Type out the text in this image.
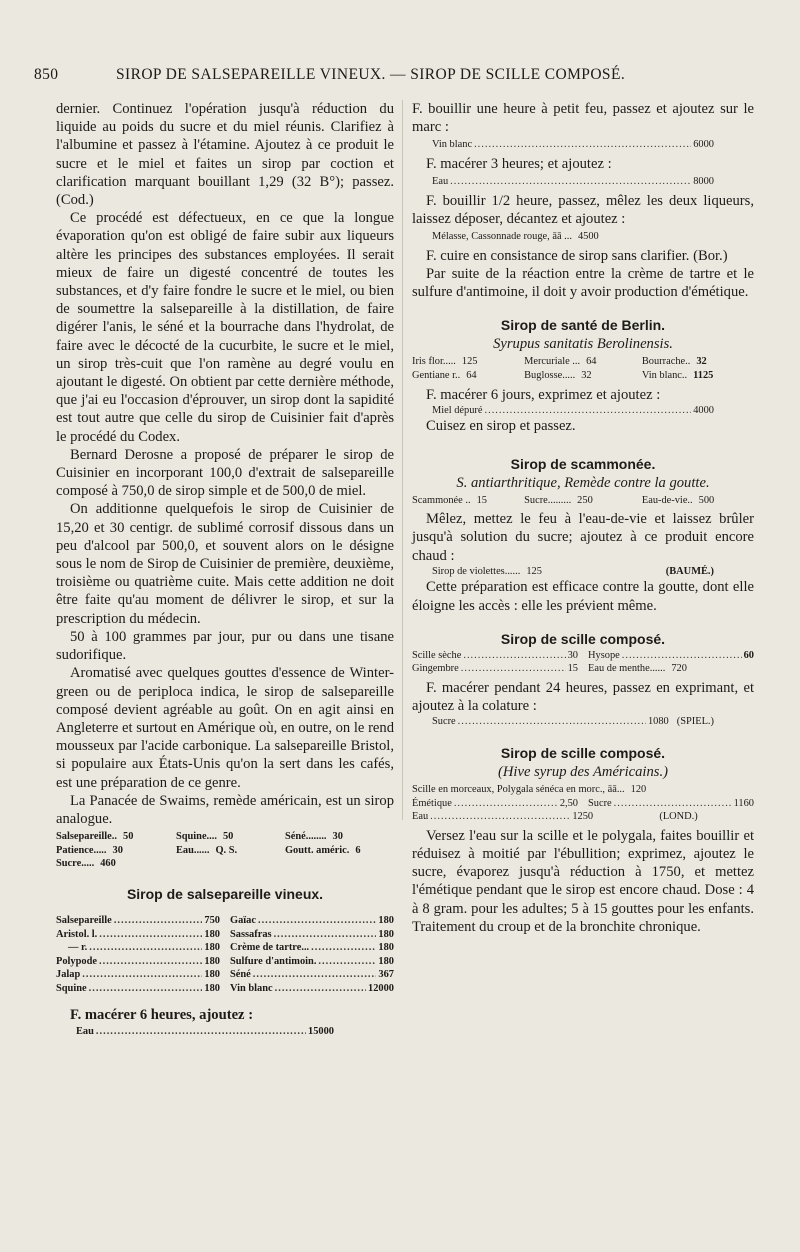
850	SIROP DE SALSEPAREILLE VINEUX. — SIROP DE SCILLE COMPOSÉ.

dernier. Continuez l'opération jusqu'à réduction du liquide au poids du sucre et du miel réunis. Clarifiez à l'albumine et passez à l'étamine. Ajoutez à ce produit le sucre et le miel et faites un sirop par coction et clarification marquant bouillant 1,29 (32 B°); passez. (Cod.)

Ce procédé est défectueux, en ce que la longue évaporation qu'on est obligé de faire subir aux liqueurs altère les principes des substances employées. Il serait mieux de faire un digesté concentré de toutes les substances, et d'y faire fondre le sucre et le miel, ou bien de soumettre la salsepareille à la distillation, de faire digérer l'anis, le séné et la bourrache dans l'hydrolat, de faire avec le décocté de la cucurbite, le sucre et le miel, un sirop très-cuit que l'on ramène au degré voulu en ajoutant le digesté. On obtient par cette dernière méthode, que j'ai eu l'occasion d'éprouver, un sirop dont la sapidité est tout autre que celle du sirop de Cuisinier fait d'après le procédé du Codex.

Bernard Derosne a proposé de préparer le sirop de Cuisinier en incorporant 100,0 d'extrait de salsepareille composé à 750,0 de sirop simple et de 500,0 de miel.

On additionne quelquefois le sirop de Cuisinier de 15,20 et 30 centigr. de sublimé corrosif dissous dans un peu d'alcool par 500,0, et souvent alors on le désigne sous le nom de Sirop de Cuisinier de première, deuxième, troisième ou quatrième cuite. Mais cette addition ne doit être faite qu'au moment de délivrer le sirop, et sur la prescription du médecin.

50 à 100 grammes par jour, pur ou dans une tisane sudorifique.

Aromatisé avec quelques gouttes d'essence de Winter-green ou de periploca indica, le sirop de salsepareille composé devient agréable au goût. On en agit ainsi en Angleterre et surtout en Amérique où, en outre, on le rend mousseux par l'acide carbonique. La salsepareille Bristol, si populaire aux États-Unis qu'on la sert dans les cafés, est une préparation de ce genre.

La Panacée de Swaims, remède américain, est un sirop analogue.

Salsepareille.. 50	Squine.... 50	Séné........ 30
Patience..... 30	Eau...... Q. S.	Goutt. améric. 6
Sucre..... 460
Sirop de salsepareille vineux.
Salsepareille .....	750 Gaïac .....	180
Aristol. l. .....	180 Sassafras .....	180
— r. .....	180 Crème de tartre... .....	180
Polypode .....	180 Sulfure d'antimoin. .....	180
Jalap .....	180 Séné .....	367
Squine .....	180 Vin blanc .....	12000

F. macérer 6 heures, ajoutez :

Eau .....	15000

F. bouillir une heure à petit feu, passez et ajoutez sur le marc :

Vin blanc .....	6000

F. macérer 3 heures; et ajoutez :

Eau .....	8000

F. bouillir 1/2 heure, passez, mêlez les deux liqueurs, laissez déposer, décantez et ajoutez :

Mélasse, Cassonnade rouge, āā ... 4500

F. cuire en consistance de sirop sans clarifier. (Bor.)

Par suite de la réaction entre la crème de tartre et le sulfure d'antimoine, il doit y avoir production d'émétique.

Sirop de santé de Berlin.
Syrupus sanitatis Berolinensis.
Iris flor..... 125	Mercuriale ... 64	Bourrache.. 32
Gentiane r.. 64	Buglosse..... 32	Vin blanc.. 1125

F. macérer 6 jours, exprimez et ajoutez :

Miel dépuré .....	4000

Cuisez en sirop et passez.

Sirop de scammonée.
S. antiarthritique, Remède contre la goutte.
Scammonée .. 15	Sucre......... 250	Eau-de-vie.. 500

Mêlez, mettez le feu à l'eau-de-vie et laissez brûler jusqu'à solution du sucre; ajoutez à ce produit encore chaud :

Sirop de violettes...... 125	( BAUMÉ. )

Cette préparation est efficace contre la goutte, dont elle éloigne les accès : elle les prévient même.

Sirop de scille composé.
Scille sèche .....	30 Hysope .....	60
Gingembre .....	15 Eau de menthe...... 720

F. macérer pendant 24 heures, passez en exprimant, et ajoutez à la colature :

Sucre .....	1080	( SPIEL. )
Sirop de scille composé.
(Hive syrup des Américains.)
Scille en morceaux, Polygala sénéca en morc., āā... 120
Émétique .....	2,50 Sucre .....	1160
Eau .....	1250	( LOND. )

Versez l'eau sur la scille et le polygala, faites bouillir et réduisez à moitié par l'ébullition; exprimez, ajoutez le sucre, évaporez jusqu'à réduction à 1750, et mettez l'émétique pendant que le sirop est encore chaud. Dose : 4 à 8 gram. pour les adultes; 5 à 15 gouttes pour les enfants. Traitement du croup et de la bronchite chronique.
